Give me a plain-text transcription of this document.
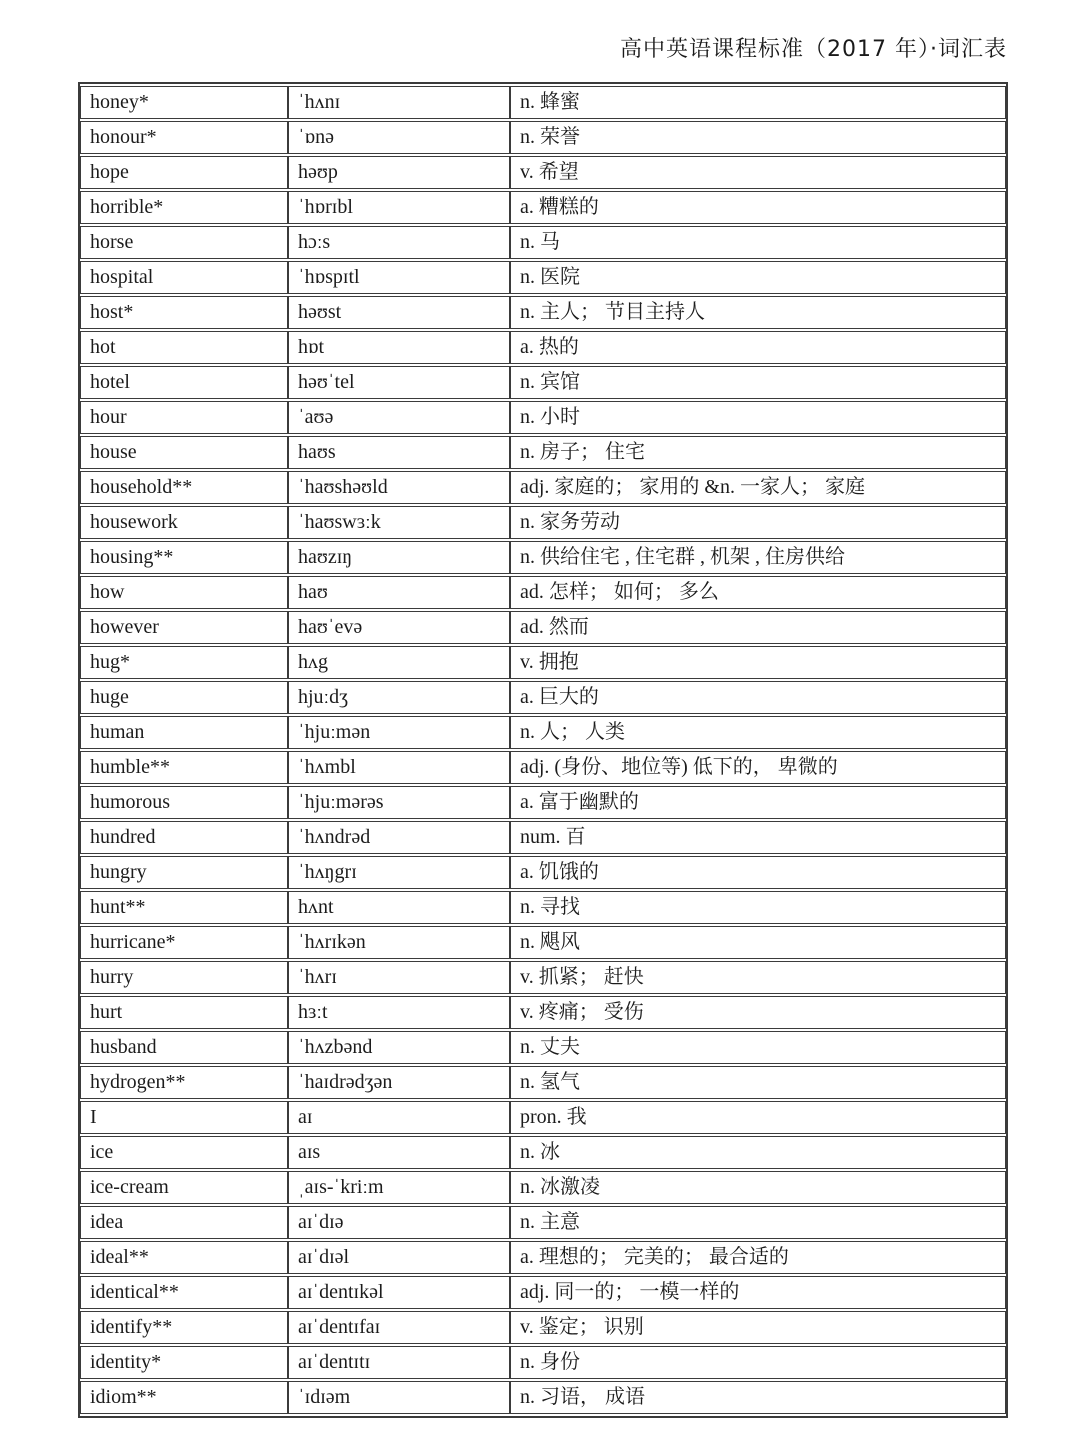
高中英语课程标准（2017 年）·词汇表
honey*	ˈhʌnɪ	n. 蜂蜜
honour*	ˈɒnə	n. 荣誉
hope	həʊp	v. 希望
horrible*	ˈhɒrɪbl	a. 糟糕的
horse	hɔːs	n. 马
hospital	ˈhɒspɪtl	n. 医院
host*	həʊst	n. 主人； 节目主持人
hot	hɒt	a. 热的
hotel	həʊˈtel	n. 宾馆
hour	ˈaʊə	n. 小时
house	haʊs	n. 房子； 住宅
household**	ˈhaʊshəʊld	adj. 家庭的； 家用的 &n. 一家人； 家庭
housework	ˈhaʊswɜːk	n. 家务劳动
housing**	haʊzɪŋ	n. 供给住宅 , 住宅群 , 机架 , 住房供给
how	haʊ	ad. 怎样； 如何； 多么
however	haʊˈevə	ad. 然而
hug*	hʌg	v. 拥抱
huge	hjuːdʒ	a. 巨大的
human	ˈhjuːmən	n. 人； 人类
humble**	ˈhʌmbl	adj. (身份、地位等) 低下的， 卑微的
humorous	ˈhjuːmərəs	a. 富于幽默的
hundred	ˈhʌndrəd	num. 百
hungry	ˈhʌŋgrɪ	a. 饥饿的
hunt**	hʌnt	n. 寻找
hurricane*	ˈhʌrɪkən	n. 飓风
hurry	ˈhʌrɪ	v. 抓紧； 赶快
hurt	hɜːt	v. 疼痛； 受伤
husband	ˈhʌzbənd	n. 丈夫
hydrogen**	ˈhaɪdrədʒən	n. 氢气
I	aɪ	pron. 我
ice	aɪs	n. 冰
ice-cream	ˌaɪs-ˈkriːm	n. 冰激凌
idea	aɪˈdɪə	n. 主意
ideal**	aɪˈdɪəl	a. 理想的； 完美的； 最合适的
identical**	aɪˈdentɪkəl	adj. 同一的； 一模一样的
identify**	aɪˈdentɪfaɪ	v. 鉴定； 识别
identity*	aɪˈdentɪtɪ	n. 身份
idiom**	ˈɪdɪəm	n. 习语， 成语
